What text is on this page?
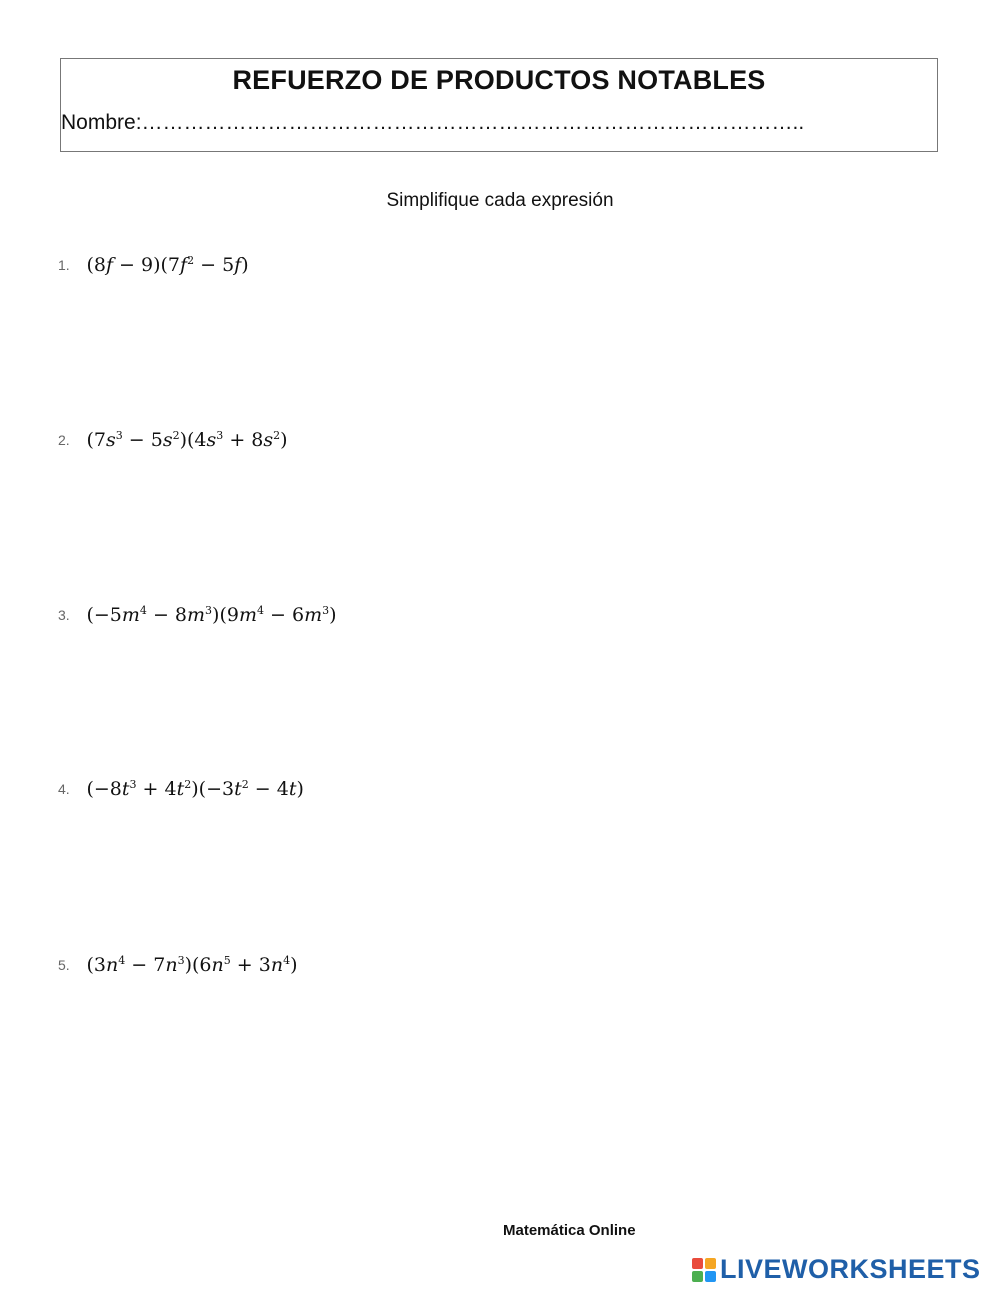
REFUERZO DE PRODUCTOS NOTABLES
Nombre:…………………………………………………………………………………..
Simplifique cada expresión
1. $(8f - 9)(7f^2 - 5f)$
2. $(7s^3 - 5s^2)(4s^3 + 8s^2)$
3. $(-5m^4 - 8m^3)(9m^4 - 6m^3)$
4. $(-8t^3 + 4t^2)(-3t^2 - 4t)$
5. $(3n^4 - 7n^3)(6n^5 + 3n^4)$
Matemática Online
LIVEWORKSHEETS
